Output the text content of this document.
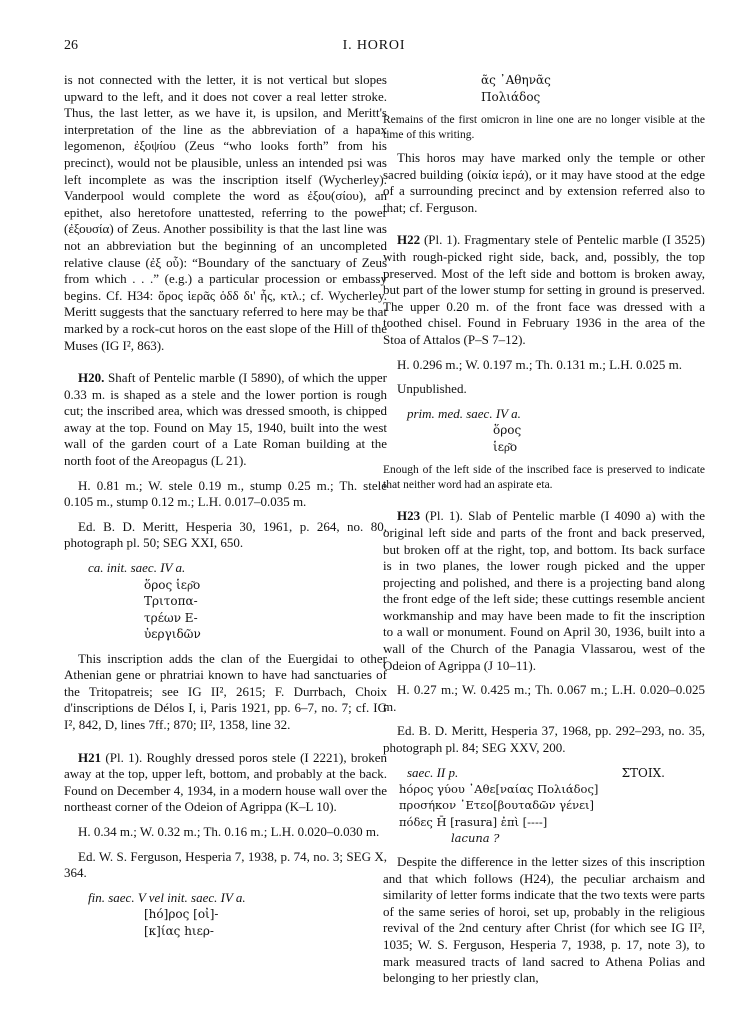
26	I. HOROI

is not connected with the letter, it is not vertical but slopes upward to the left, and it does not cover a real letter stroke. Thus, the last letter, as we have it, is upsilon, and Meritt's interpretation of the line as the abbreviation of a hapax legomenon, ἐξοψίου (Zeus “who looks forth” from his precinct), would not be plausible, unless an intended psi was left incomplete as was the inscription itself (Wycherley). Vanderpool would complete the word as ἐξου(σίου), an epithet, also heretofore unattested, referring to the power (ἐξουσία) of Zeus. Another possibility is that the last line was not an abbreviation but the beginning of an uncompleted relative clause (ἐξ οὗ): “Boundary of the sanctuary of Zeus from which . . .” (e.g.) a particular procession or embassy begins. Cf. H34: ὅρος ἱερᾶς ὁδδ δι' ἧς, κτλ.; cf. Wycherley. Meritt suggests that the sanctuary referred to here may be that marked by a rock-cut horos on the east slope of the Hill of the Muses (IG I², 863).

H20. Shaft of Pentelic marble (I 5890), of which the upper 0.33 m. is shaped as a stele and the lower portion is rough cut; the inscribed area, which was dressed smooth, is chipped away at the top. Found on May 15, 1940, built into the west wall of the garden court of a Late Roman building at the north foot of the Areopagus (L 21).

H. 0.81 m.; W. stele 0.19 m., stump 0.25 m.; Th. stele 0.105 m., stump 0.12 m.; L.H. 0.017–0.035 m.

Ed. B. D. Meritt, Hesperia 30, 1961, p. 264, no. 80, photograph pl. 50; SEG XXI, 650.

ca. init. saec. IV a.

ὅρος ἱερ͂ο
Τριτοπα-
τρέων Ε-
ὐεργιδῶν

This inscription adds the clan of the Euergidai to other Athenian gene or phratriai known to have had sanctuaries of the Tritopatreis; see IG II², 2615; F. Durrbach, Choix d'inscriptions de Délos I, i, Paris 1921, pp. 6–7, no. 7; cf. IG I², 842, D, lines 7ff.; 870; II², 1358, line 32.

H21 (Pl. 1). Roughly dressed poros stele (I 2221), broken away at the top, upper left, bottom, and probably at the back. Found on December 4, 1934, in a modern house wall over the northeast corner of the Odeion of Agrippa (K–L 10).

H. 0.34 m.; W. 0.32 m.; Th. 0.16 m.; L.H. 0.020–0.030 m.

Ed. W. S. Ferguson, Hesperia 7, 1938, p. 74, no. 3; SEG X, 364.

fin. saec. V vel init. saec. IV a.

[hό]ρος [οἰ]-
[κ]ίας hιερ-
ᾶς ᾿Αθηνᾶς
Πολιάδος

Remains of the first omicron in line one are no longer visible at the time of this writing.

This horos may have marked only the temple or other sacred building (οἰκία ἱερά), or it may have stood at the edge of a surrounding precinct and by extension referred also to that; cf. Ferguson.

H22 (Pl. 1). Fragmentary stele of Pentelic marble (I 3525) with rough-picked right side, back, and, possibly, the top preserved. Most of the left side and bottom is broken away, but part of the lower stump for setting in ground is preserved. The upper 0.20 m. of the front face was dressed with a toothed chisel. Found in February 1936 in the area of the Stoa of Attalos (P–S 7–12).

H. 0.296 m.; W. 0.197 m.; Th. 0.131 m.; L.H. 0.025 m.

Unpublished.

prim. med. saec. IV a.

ὅρος
ἱερ͂ο

Enough of the left side of the inscribed face is preserved to indicate that neither word had an aspirate eta.

H23 (Pl. 1). Slab of Pentelic marble (I 4090 a) with the original left side and parts of the front and back preserved, but broken off at the right, top, and bottom. Its back surface is in two planes, the lower rough picked and the upper projecting and polished, and there is a projecting band along the front edge of the left side; these cuttings resemble ancient workmanship and may have been made to fit the inscription to a wall or monument. Found on April 30, 1936, built into a wall of the Church of the Panagia Vlassarou, west of the Odeion of Agrippa (J 10–11).

H. 0.27 m.; W. 0.425 m.; Th. 0.067 m.; L.H. 0.020–0.025 m.

Ed. B. D. Meritt, Hesperia 37, 1968, pp. 292–293, no. 35, photograph pl. 84; SEG XXV, 200.

saec. II p.	ΣΤΟΙΧ.
hόρος γύου ᾿Αθε[ναίας Πολιάδος]
προσήκον ᾿Ετεο[βουταδῶν γένει]
πόδες H̄ [rasura] ἐπὶ [----]
lacuna ?

Despite the difference in the letter sizes of this inscription and that which follows (H24), the peculiar archaism and similarity of letter forms indicate that the two texts were parts of the same series of horoi, set up, probably in the religious revival of the 2nd century after Christ (for which see IG II², 1035; W. S. Ferguson, Hesperia 7, 1938, p. 17, note 3), to mark measured tracts of land sacred to Athena Polias and belonging to her priestly clan,
